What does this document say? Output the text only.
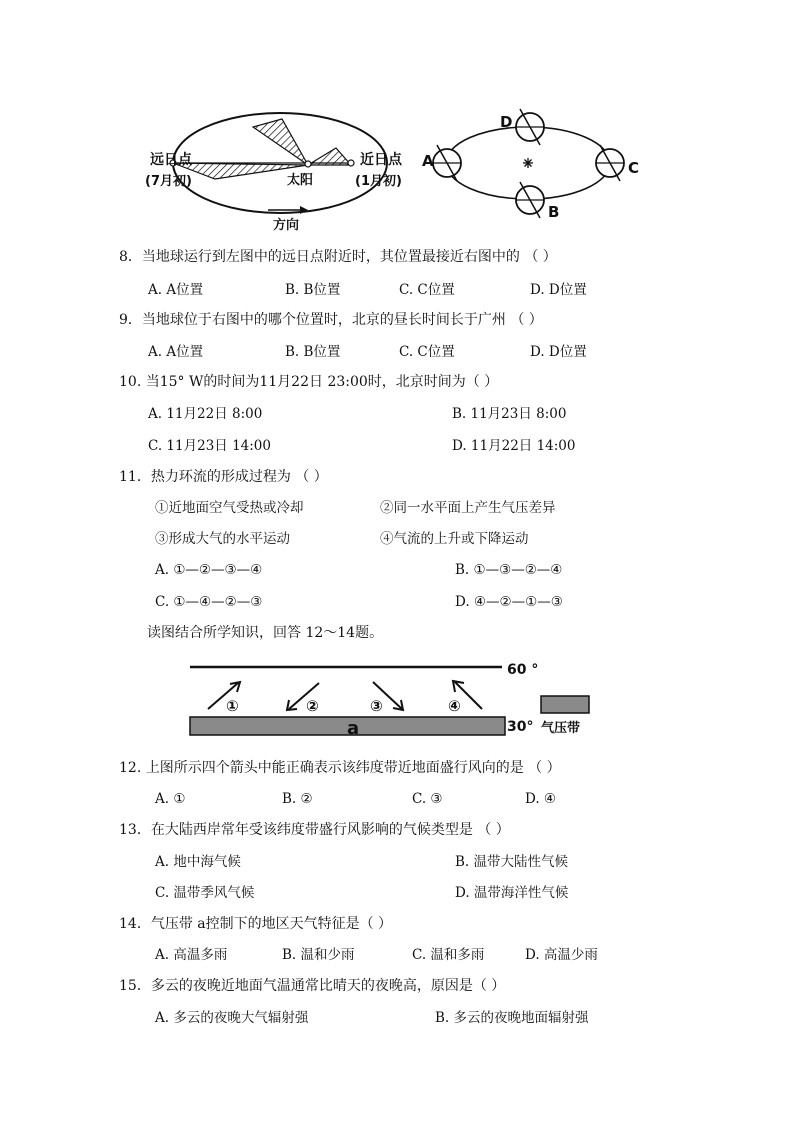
远日点
(7月初)
近日点
(1月初)
太阳
方向
A
B
C
D
8．当地球运行到左图中的远日点附近时，其位置最接近右图中的 （ ）
A. A位置	B. B位置	C. C位置	D. D位置
9．当地球位于右图中的哪个位置时，北京的昼长时间长于广州 （ ）
A. A位置	B. B位置	C. C位置	D. D位置
10. 当15° W的时间为11月22日 23:00时，北京时间为（ ）
A. 11月22日 8:00	B. 11月23日 8:00
C. 11月23日 14:00	D. 11月22日 14:00
11．热力环流的形成过程为 （ ）
①近地面空气受热或冷却	②同一水平面上产生气压差异
③形成大气的水平运动	④气流的上升或下降运动
A. ①—②—③—④	B. ①—③—②—④
C. ①—④—②—③	D. ④—②—①—③
读图结合所学知识，回答 12～14题。
60 °
a	30°
①	②	③	④
气压带
12. 上图所示四个箭头中能正确表示该纬度带近地面盛行风向的是 （ ）
A. ①	B. ②	C. ③	D. ④
13．在大陆西岸常年受该纬度带盛行风影响的气候类型是 （ ）
A. 地中海气候	B. 温带大陆性气候
C. 温带季风气候	D. 温带海洋性气候
14．气压带 a控制下的地区天气特征是（ ）
A. 高温多雨	B. 温和少雨	C. 温和多雨	D. 高温少雨
15．多云的夜晚近地面气温通常比晴天的夜晚高，原因是（ ）
A. 多云的夜晚大气辐射强	B. 多云的夜晚地面辐射强
